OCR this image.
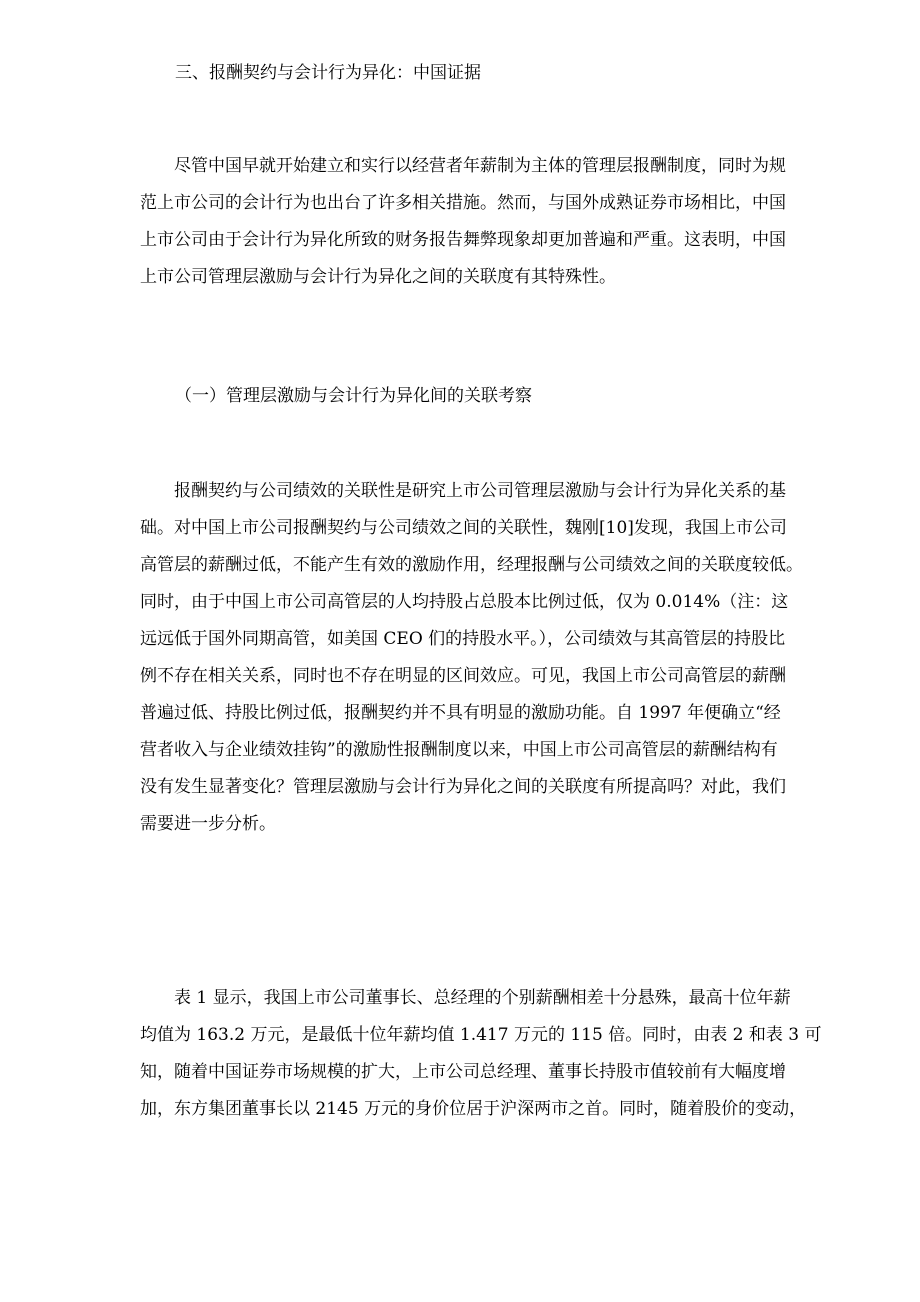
三、报酬契约与会计行为异化：中国证据
尽管中国早就开始建立和实行以经营者年薪制为主体的管理层报酬制度，同时为规
范上市公司的会计行为也出台了许多相关措施。然而，与国外成熟证券市场相比，中国
上市公司由于会计行为异化所致的财务报告舞弊现象却更加普遍和严重。这表明，中国
上市公司管理层激励与会计行为异化之间的关联度有其特殊性。
（一）管理层激励与会计行为异化间的关联考察
报酬契约与公司绩效的关联性是研究上市公司管理层激励与会计行为异化关系的基
础。对中国上市公司报酬契约与公司绩效之间的关联性，魏刚[10]发现，我国上市公司
高管层的薪酬过低，不能产生有效的激励作用，经理报酬与公司绩效之间的关联度较低。
同时，由于中国上市公司高管层的人均持股占总股本比例过低，仅为 0.014%（注：这
远远低于国外同期高管，如美国 CEO 们的持股水平。），公司绩效与其高管层的持股比
例不存在相关关系，同时也不存在明显的区间效应。可见，我国上市公司高管层的薪酬
普遍过低、持股比例过低，报酬契约并不具有明显的激励功能。自 1997 年便确立“经
营者收入与企业绩效挂钩”的激励性报酬制度以来，中国上市公司高管层的薪酬结构有
没有发生显著变化？管理层激励与会计行为异化之间的关联度有所提高吗？对此，我们
需要进一步分析。
表 1 显示，我国上市公司董事长、总经理的个别薪酬相差十分悬殊，最高十位年薪
均值为 163.2 万元，是最低十位年薪均值 1.417 万元的 115 倍。同时，由表 2 和表 3 可
知，随着中国证券市场规模的扩大，上市公司总经理、董事长持股市值较前有大幅度增
加，东方集团董事长以 2145 万元的身价位居于沪深两市之首。同时，随着股价的变动，
